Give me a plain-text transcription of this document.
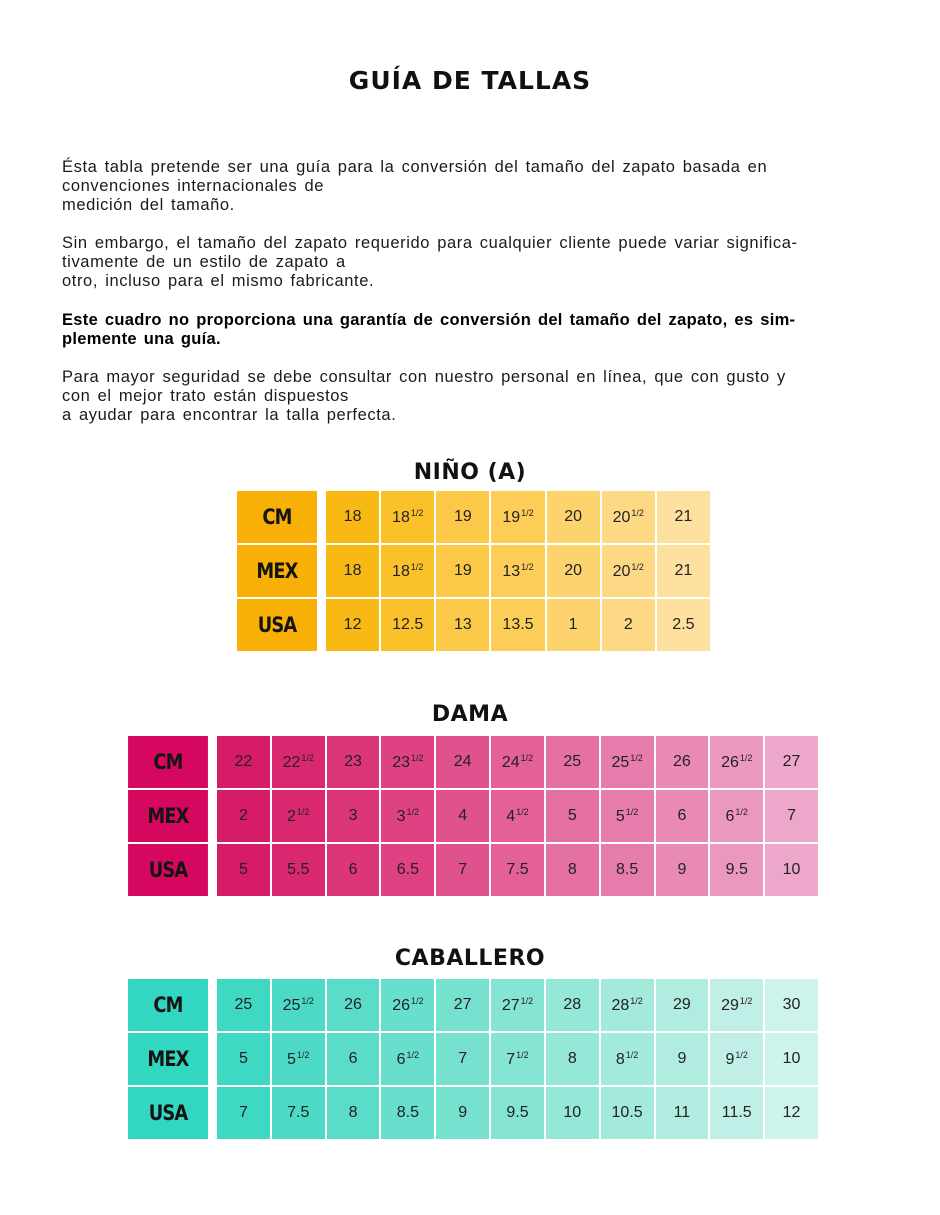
GUÍA DE TALLAS
Ésta tabla pretende ser una guía para la conversión del tamaño del zapato basada en
convenciones internacionales de
medición del tamaño.
Sin embargo, el tamaño del zapato requerido para cualquier cliente puede variar significa-
tivamente de un estilo de zapato a
otro, incluso para el mismo fabricante.
Este cuadro no proporciona una garantía de conversión del tamaño del zapato, es sim-
plemente una guía.
Para mayor seguridad se debe consultar con nuestro personal en línea, que con gusto y
con el mejor trato están dispuestos
a ayudar para encontrar la talla perfecta.
NIÑO (A)
CM	18	$18^{1/2}$	19	$19^{1/2}$	20	$20^{1/2}$	21
MEX	18	$18^{1/2}$	19	$13^{1/2}$	20	$20^{1/2}$	21
USA	12	12.5	13	13.5	1	2	2.5
DAMA
CM	22	$22^{1/2}$	23	$23^{1/2}$	24	$24^{1/2}$	25	$25^{1/2}$	26	$26^{1/2}$	27
MEX	2	$2^{1/2}$	3	$3^{1/2}$	4	$4^{1/2}$	5	$5^{1/2}$	6	$6^{1/2}$	7
USA	5	5.5	6	6.5	7	7.5	8	8.5	9	9.5	10
CABALLERO
CM	25	$25^{1/2}$	26	$26^{1/2}$	27	$27^{1/2}$	28	$28^{1/2}$	29	$29^{1/2}$	30
MEX	5	$5^{1/2}$	6	$6^{1/2}$	7	$7^{1/2}$	8	$8^{1/2}$	9	$9^{1/2}$	10
USA	7	7.5	8	8.5	9	9.5	10	10.5	11	11.5	12
